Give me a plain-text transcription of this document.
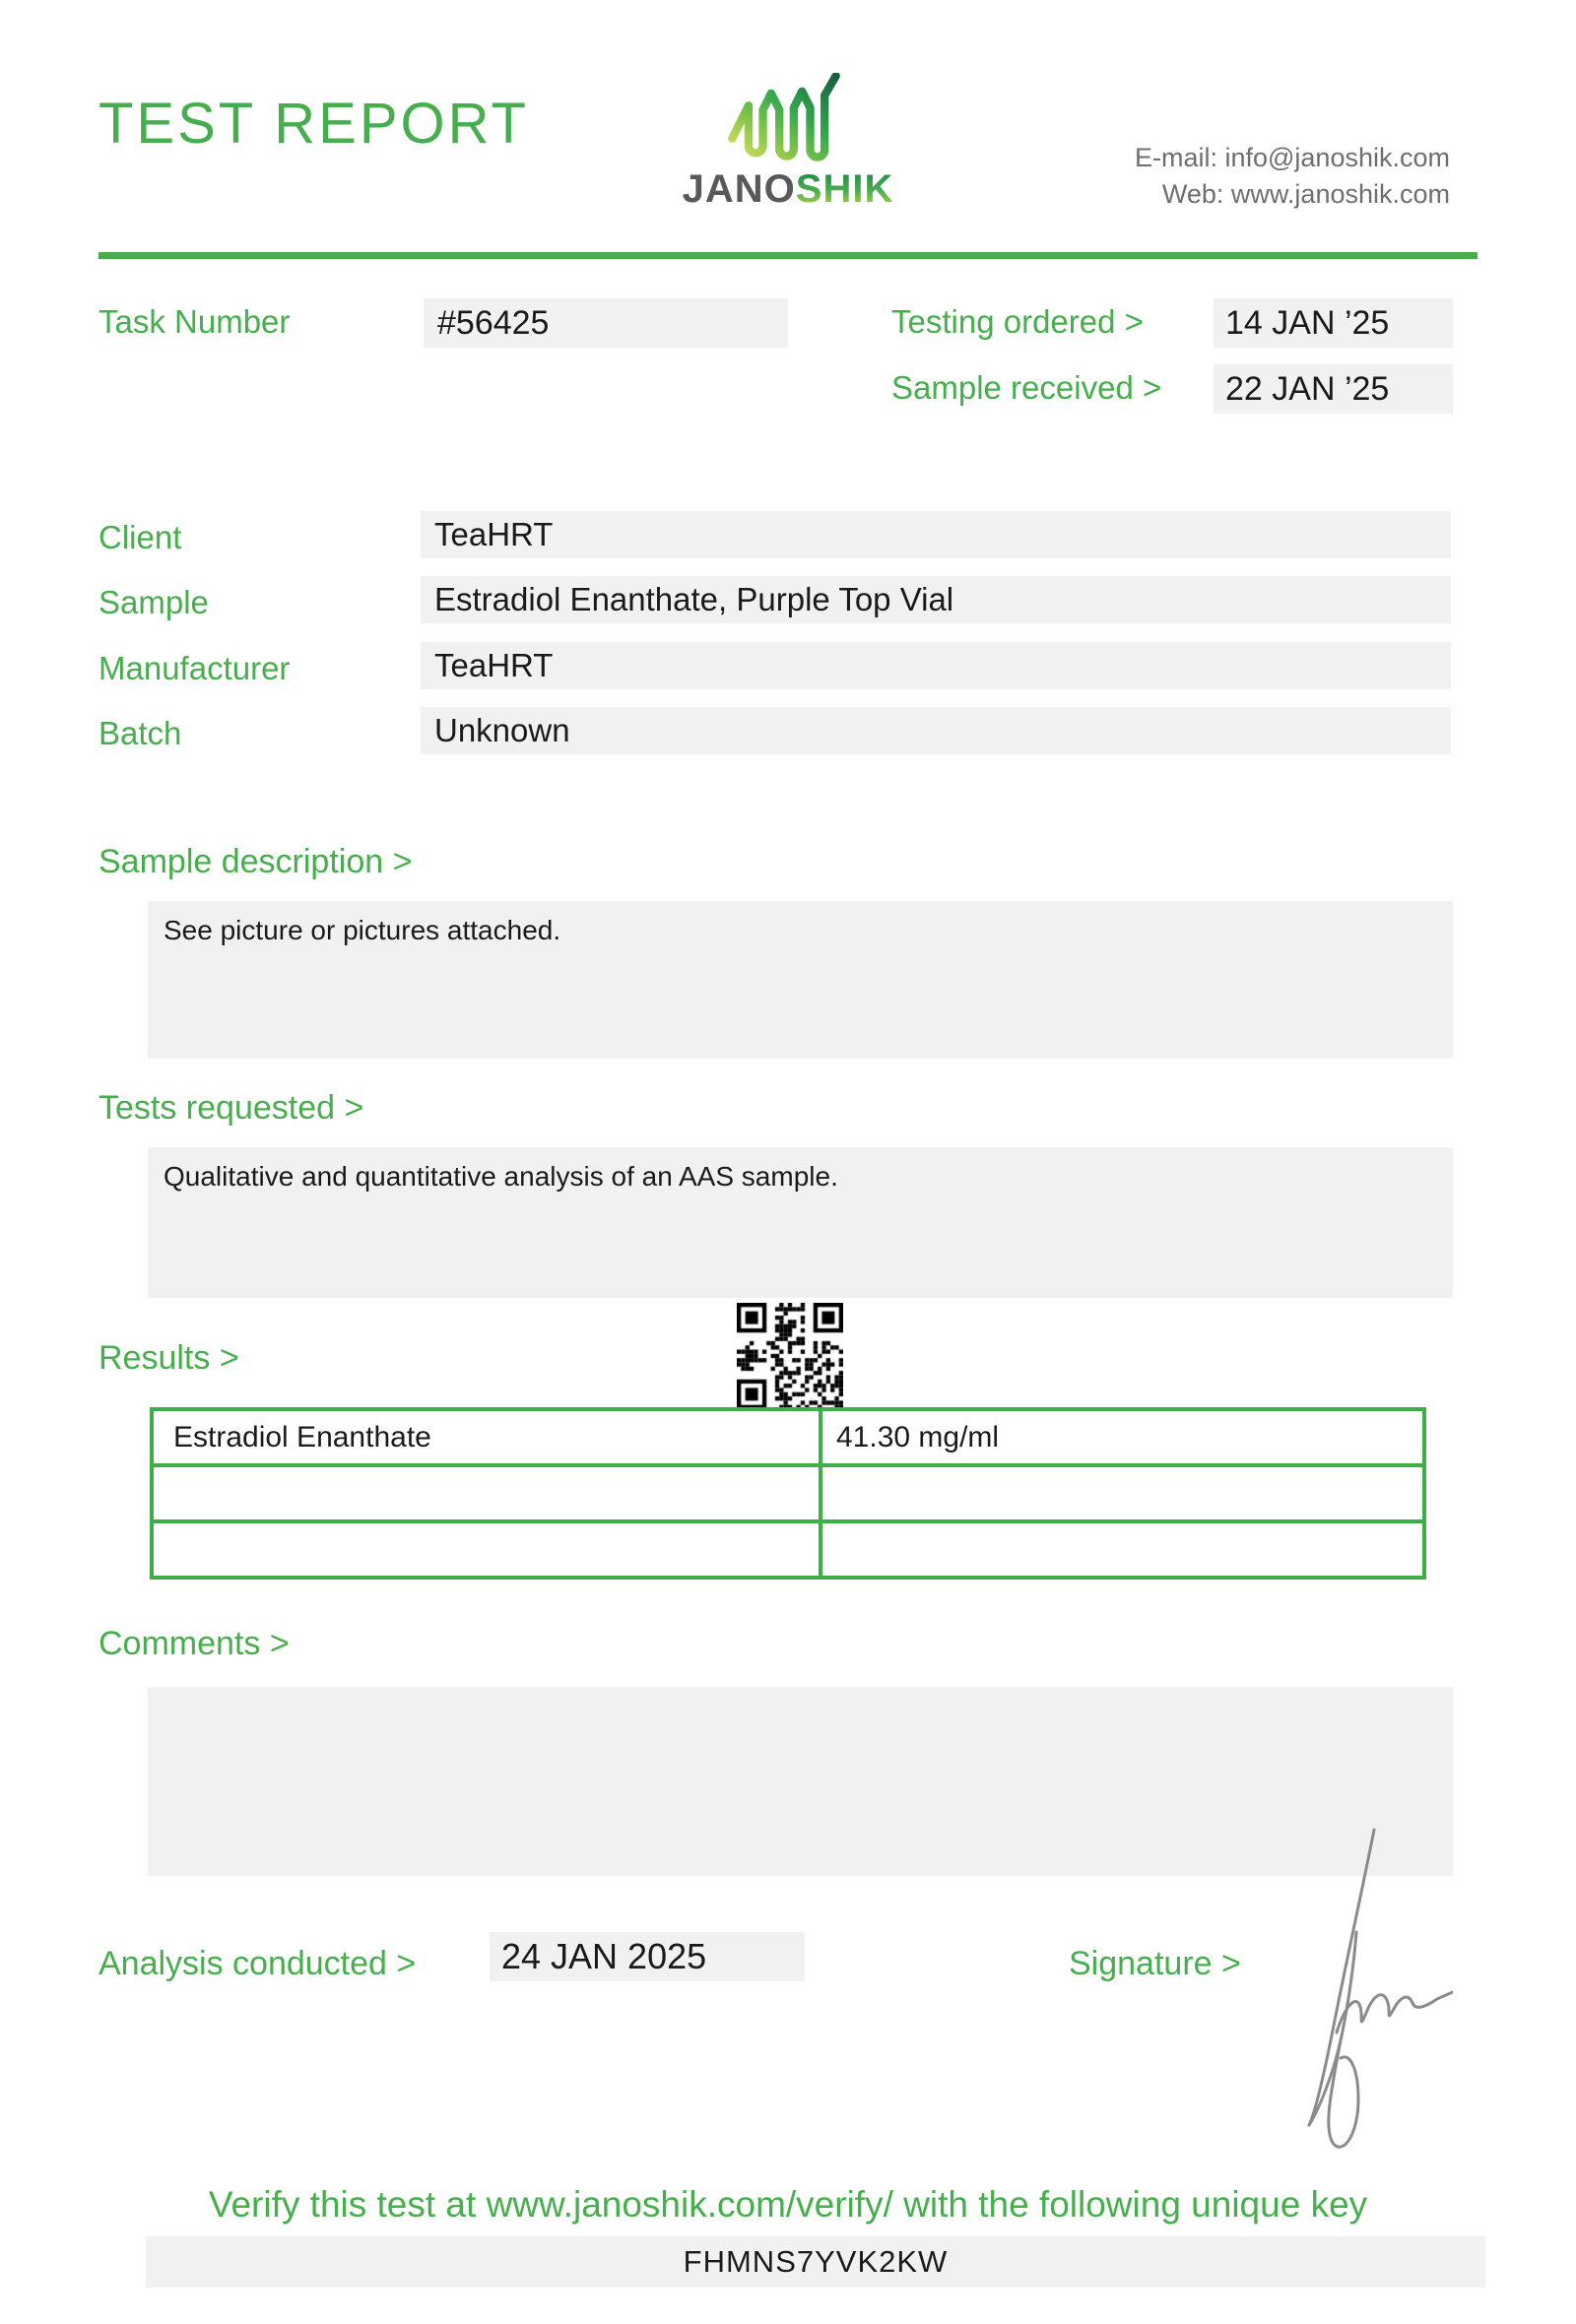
TEST REPORT
JANOSHIK
E-mail: info@janoshik.com
Web: www.janoshik.com
Task Number	#56425	Testing ordered >	14 JAN ’25
Sample received >	22 JAN ’25
Client	TeaHRT
Sample	Estradiol Enanthate, Purple Top Vial
Manufacturer	TeaHRT
Batch	Unknown
Sample description >
See picture or pictures attached.
Tests requested >
Qualitative and quantitative analysis of an AAS sample.
Results >
Estradiol Enanthate	41.30 mg/ml

Comments >
Analysis conducted >	24 JAN 2025	Signature >
Verify this test at www.janoshik.com/verify/ with the following unique key
FHMNS7YVK2KW
